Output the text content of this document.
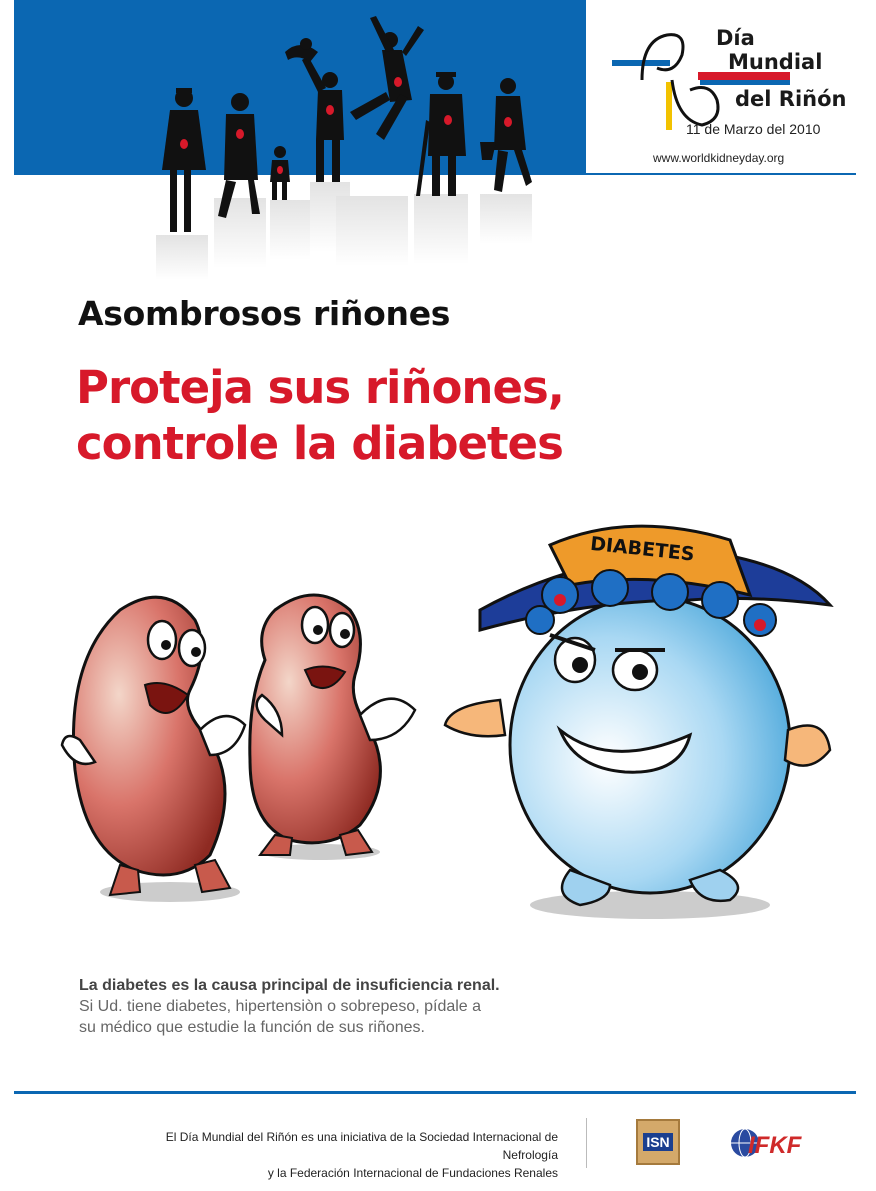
Día
Mundial
del Riñón
11 de Marzo del 2010
www.worldkidneyday.org
Asombrosos riñones
Proteja sus riñones,
controle la diabetes
DIABETES
La diabetes es la causa principal de insuficiencia renal.
Si Ud. tiene diabetes, hipertensiòn o sobrepeso, pídale a
su médico que estudie la función de sus riñones.
El Día Mundial del Riñón es una iniciativa de la Sociedad Internacional de Nefrología
y la Federación Internacional de Fundaciones Renales
ISN	IFKF
